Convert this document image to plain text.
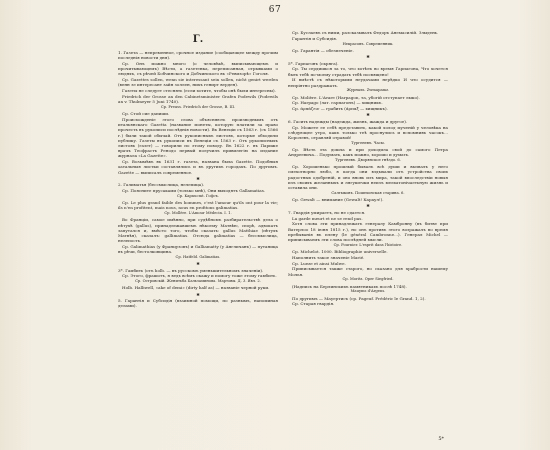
67
Г.

1. Газета — непременное, срочное издание (сообщающее между прочим последнія новости дня).

Ср. Онъ можно много (о человѣкѣ, выписывающемъ и прочитывающемъ) Вѣсти, а газетенка, переписанная, отрывками о людяхъ, съ рѣчей Бобчинского и Добчинского въ «Ревизорѣ» Гоголя.

Ср. Gazettes sollen, wenn sie interessant sein sollen, nicht genirt werden (венн зе интересант зайн золлен, нихъ генирт верден).

Газеты не следует стеснять (если хотите, чтобы онѣ были интересны).

Friedrich der Grosse an den Cabinetsminister Grafen Podewils (Podewils an v. Thulmeyer 5 Juni 1740).

Ср. Preuss. Friedrich der Grosse, B. III.

Ср. Стой сие дапиши.

Происхожденіе этого слова объясняють производнымъ отъ итальянскаго Gazetta (название монеты, которую платили за право прочесть въ рукописи послѣднія новости). Въ Венеціи съ 1563 г. (съ 1566 г.) были такой обычай. Отъ рукописныхъ листовъ, которые обходили публику. Газеты въ рукописи въ Венеціи съ 1563 г. Отъ рукописныхъ листовъ (газет) — говорили по этому поводу. Въ 1622 г. въ Париже врачъ Теофрастъ Ренодо первый получилъ привилегію на издание журнала «La Gazette».

Ср. Возымѣвъ въ 1631 г. газета, названа была Gazette. Подобныя ѳатальныя листки составлялись и въ другихъ городахъ. По другимъ. Gazette — выписалъ современное.

✱

2. Галиматья (бессмыслица, нелепица).

Ср. Поясните прусаками (только мнѣ), Они выходятъ Gallamatias.

Ср. Kapnucmt. Гофсъ.

Ср. Le plus grand faible des hommes, c'est l'amour qu'ils ont pour la vie; ils n'en profitent, mais nous, nous en profitons galimatias.

Ср. Mollère. L'Amour Médecin. I. 1.

Во Франціи, самое имѣнно, при судѣбномъ разбирательствѣ дела о пѣтухѣ (gallus), принадлежавшемъ нѣкоему Матвѣю, спорѣ, адвокатъ запутался и, вмѣсто того, чтобы сказать: gallus Matthiae (пѣтухъ Матвѣя), сказалъ: gallimatias. Отсюда galimatias — бессмыслица, нелепость.

Ср. Galimathias (у Французовъ) и Galliamatty (у Англичанъ) — путаница въ рѣчи, бестолковщина.

Ср. Hatfeld. Galimatias.

✱

3*. Гамбить (отъ holb. — въ русскомъ уменьшительномъ значеніи).

Ср. Этого, фрашотъ, я ведь всѣмъ скажу и помогу тоже этому гамбить.

Ср. Островскій. Женитьба Бальзаминова. Мартовы. Д. 3. Явл. 2.

Holb. Halliwell, «ake of demi» (dirty half as) — названіе черной руки.

✱

5. Гарантія и Субсидія (взаимной помощи, по разнымъ, напоминая делами).

Ср. Буслаевъ съ ними, разсказывалъ Федоръ Анемасилій. Злыдень.

Гарантія и Субсидія.

Некрасовъ. Современник.

Ср. Гарантія — обезпеченіе.

✱

5*. Гарпагонъ (скряга).

Ср. Ты сердишься за то, что хотѣлъ во время Гарпагона, Что хочется быть тебѣ по-моему страдать тебѣ посвящено!

И вмѣстѣ съ нѣкоторыми неудачами нерѣдко И что осудится — непріятно раздражать.

Журналь. Zwmapamz.

Ср. Molière. L'Avare (Harpagon, та, убогій отступает лыко).

Ср. Harpago (лат. гарпагонъ) — хищникъ.

Ср. άρπάζειν — грабить (άρπαξ — хищникъ).

✱

6. Гасить надежды (надежда, жизнь, жажда и другое).

Ср. Можете ее себѣ представить, какой холод мученій у человѣка на слѣдующее утро, какъ только теѣ проснулись и вспомнивъ часокъ... Королевъ, отравляй отравой!

Тургеневъ. Часы.

Ср. Вѣсть эта дошла и при доходила свой до самого Петра Андреевича... Подумать, какъ можно, хорошо и думать.

Тургеневъ. Дворянское гнѣздо. 6.

Ср. Хорошенько прошлый бывалъ всѣ души и вызвалъ у него смехотворно любо, я когда они вздыхали отъ устройства своих радостных одобреній, и оно вновь изъ мира, такой впоследствіи новыя изъ своихъ желанныхъ и лягушечки неизъ мелхатонічаетьную жизнь и оставила они.

Салтыковъ. Пошехонская старина. 6.

Ср. Gewalt — внимание (Gewalt! Караул!).

✱

7. Гвардія умираетъ, но не сдается.

La garde meurt et ne se rend pas.

Хотя слова эти принадлежатъ генералу Камбронну (въ битве при Ватерлоо 18 іюня 1815 г.), но онъ противъ этого возражалъ во время пребыванія въ плену (le général Cambronne...). Генерал Michel — приписываемъ эти слова послѣдней мысли.

Ср. Fournier. L'esprit dans l'histoire.

Ср. Michelot. 1000. Bibliographie universelle.

Наполнить такое значеніе Marié.

Ср. Lueze et ainsi Mulwe.

Приписывается также старого, но сказано для храбрости нашему Молья.

Ср. Moritz. Oper Siegfried.

(Надпись на Берлинскихъ памятникахъ послѣ 1748).

Mauyms d'Argens.

По другимъ — Мауертисъ (ср. Pageuf. Frédéric le Grand. 1, 2).

Ср. Старая гвардія.

5*
